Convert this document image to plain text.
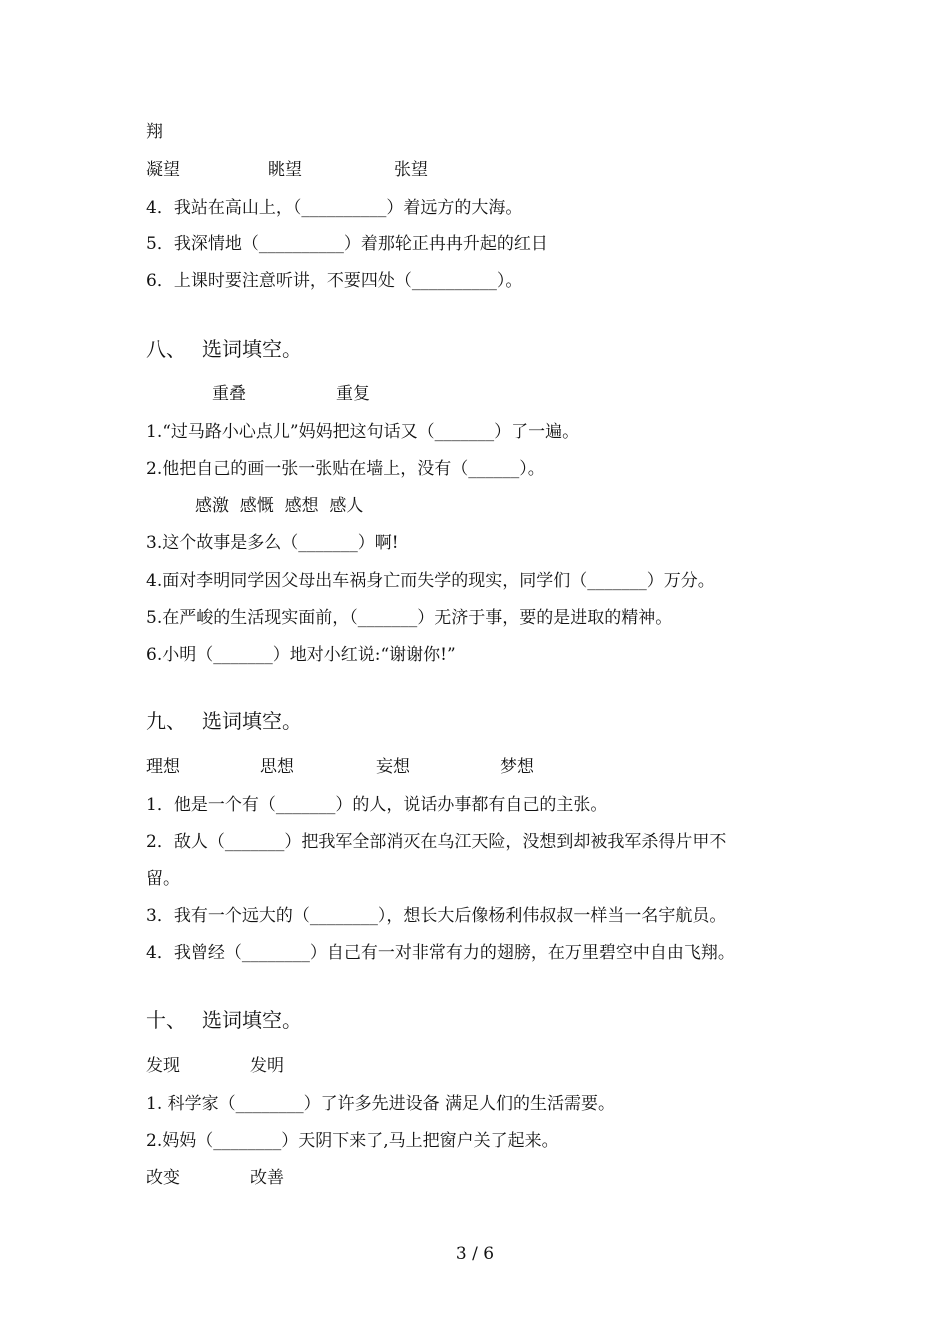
翔
凝望	眺望	张望
4．我站在高山上，（__________）着远方的大海。
5．我深情地（__________）着那轮正冉冉升起的红日
6．上课时要注意听讲，不要四处（__________）。
八、 选词填空。
重叠	重复
1.“过马路小心点儿”妈妈把这句话又（_______）了一遍。
2.他把自己的画一张一张贴在墙上，没有（______）。
感激  感慨  感想  感人
3.这个故事是多么（_______）啊!
4.面对李明同学因父母出车祸身亡而失学的现实，同学们（_______）万分。
5.在严峻的生活现实面前，（_______）无济于事，要的是进取的精神。
6.小明（_______）地对小红说:“谢谢你!”
九、 选词填空。
理想	思想	妄想	梦想
1．他是一个有（_______）的人，说话办事都有自己的主张。
2．敌人（_______）把我军全部消灭在乌江天险，没想到却被我军杀得片甲不
留。
3．我有一个远大的（________），想长大后像杨利伟叔叔一样当一名宇航员。
4．我曾经（________）自己有一对非常有力的翅膀，在万里碧空中自由飞翔。
十、 选词填空。
发现	发明
1. 科学家（________）了许多先进设备 满足人们的生活需要。
2.妈妈（________）天阴下来了,马上把窗户关了起来。
改变	改善
3 / 6
